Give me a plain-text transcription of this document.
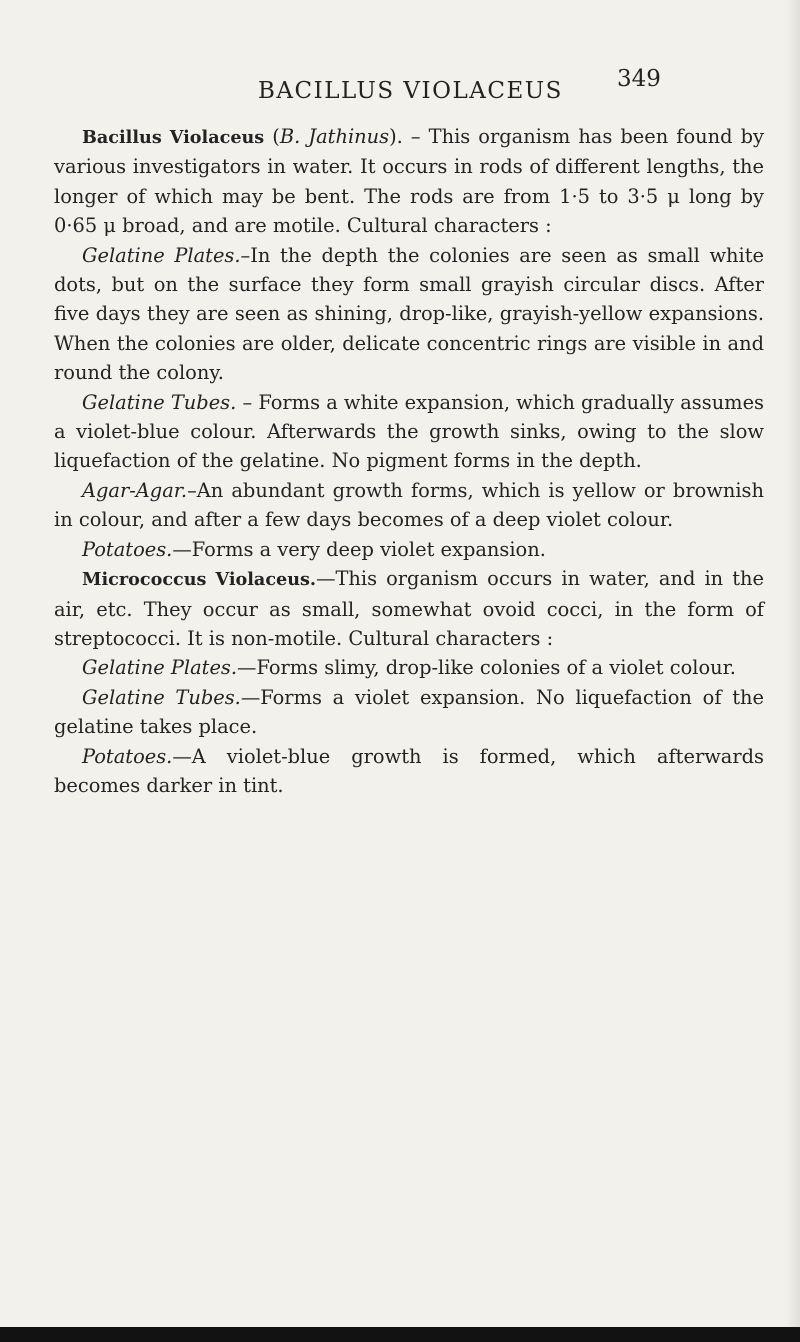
BACILLUS VIOLACEUS 349

Bacillus Violaceus (B. Jathinus). – This organism has been found by various investigators in water. It occurs in rods of different lengths, the longer of which may be bent. The rods are from 1·5 to 3·5 μ long by 0·65 μ broad, and are motile. Cultural characters :

Gelatine Plates.–In the depth the colonies are seen as small white dots, but on the surface they form small grayish circular discs. After five days they are seen as shining, drop-like, grayish-yellow expansions. When the colonies are older, delicate concentric rings are visible in and round the colony.

Gelatine Tubes. – Forms a white expansion, which gradually assumes a violet-blue colour. Afterwards the growth sinks, owing to the slow liquefaction of the gelatine. No pigment forms in the depth.

Agar-Agar.–An abundant growth forms, which is yellow or brownish in colour, and after a few days becomes of a deep violet colour.

Potatoes.—Forms a very deep violet expansion.

Micrococcus Violaceus.—This organism occurs in water, and in the air, etc. They occur as small, somewhat ovoid cocci, in the form of streptococci. It is non-motile. Cultural characters :

Gelatine Plates.—Forms slimy, drop-like colonies of a violet colour.

Gelatine Tubes.—Forms a violet expansion. No liquefaction of the gelatine takes place.

Potatoes.—A violet-blue growth is formed, which afterwards becomes darker in tint.
